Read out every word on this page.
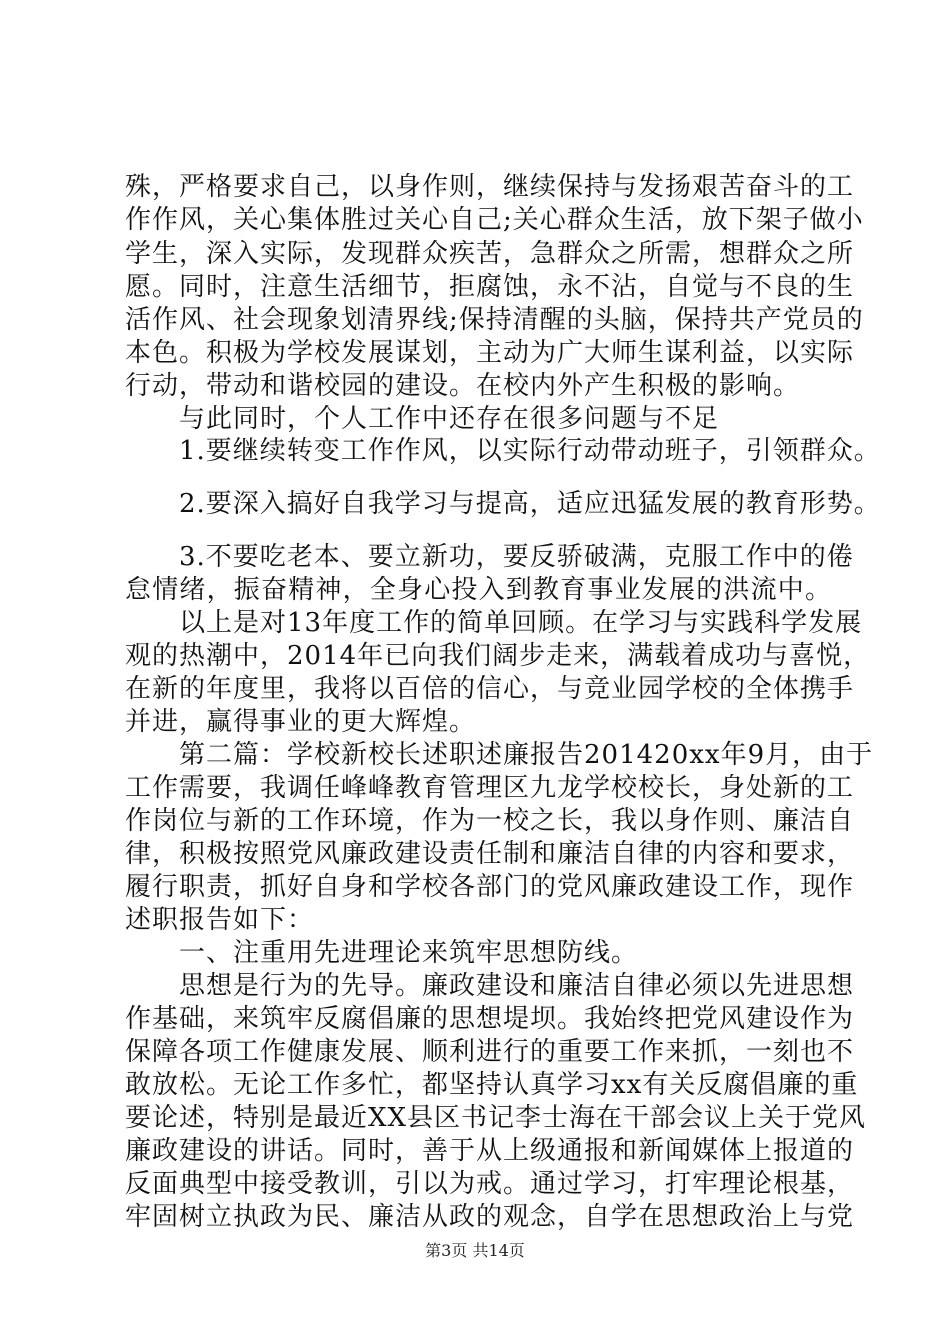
殊，严格要求自己，以身作则，继续保持与发扬艰苦奋斗的工
作作风，关心集体胜过关心自己;关心群众生活，放下架子做小
学生，深入实际，发现群众疾苦，急群众之所需，想群众之所
愿。同时，注意生活细节，拒腐蚀，永不沾，自觉与不良的生
活作风、社会现象划清界线;保持清醒的头脑，保持共产党员的
本色。积极为学校发展谋划，主动为广大师生谋利益，以实际
行动，带动和谐校园的建设。在校内外产生积极的影响。
与此同时，个人工作中还存在很多问题与不足
1.要继续转变工作作风，以实际行动带动班子，引领群众。
2.要深入搞好自我学习与提高，适应迅猛发展的教育形势。
3.不要吃老本、要立新功，要反骄破满，克服工作中的倦
怠情绪，振奋精神，全身心投入到教育事业发展的洪流中。
以上是对13年度工作的简单回顾。在学习与实践科学发展
观的热潮中，2014年已向我们阔步走来，满载着成功与喜悦，
在新的年度里，我将以百倍的信心，与竞业园学校的全体携手
并进，赢得事业的更大辉煌。
第二篇：学校新校长述职述廉报告201420xx年9月，由于
工作需要，我调任峰峰教育管理区九龙学校校长，身处新的工
作岗位与新的工作环境，作为一校之长，我以身作则、廉洁自
律，积极按照党风廉政建设责任制和廉洁自律的内容和要求，
履行职责，抓好自身和学校各部门的党风廉政建设工作，现作
述职报告如下：
一、注重用先进理论来筑牢思想防线。
思想是行为的先导。廉政建设和廉洁自律必须以先进思想
作基础，来筑牢反腐倡廉的思想堤坝。我始终把党风建设作为
保障各项工作健康发展、顺利进行的重要工作来抓，一刻也不
敢放松。无论工作多忙，都坚持认真学习xx有关反腐倡廉的重
要论述，特别是最近XX县区书记李士海在干部会议上关于党风
廉政建设的讲话。同时，善于从上级通报和新闻媒体上报道的
反面典型中接受教训，引以为戒。通过学习，打牢理论根基，
牢固树立执政为民、廉洁从政的观念，自学在思想政治上与党
第3页 共14页
